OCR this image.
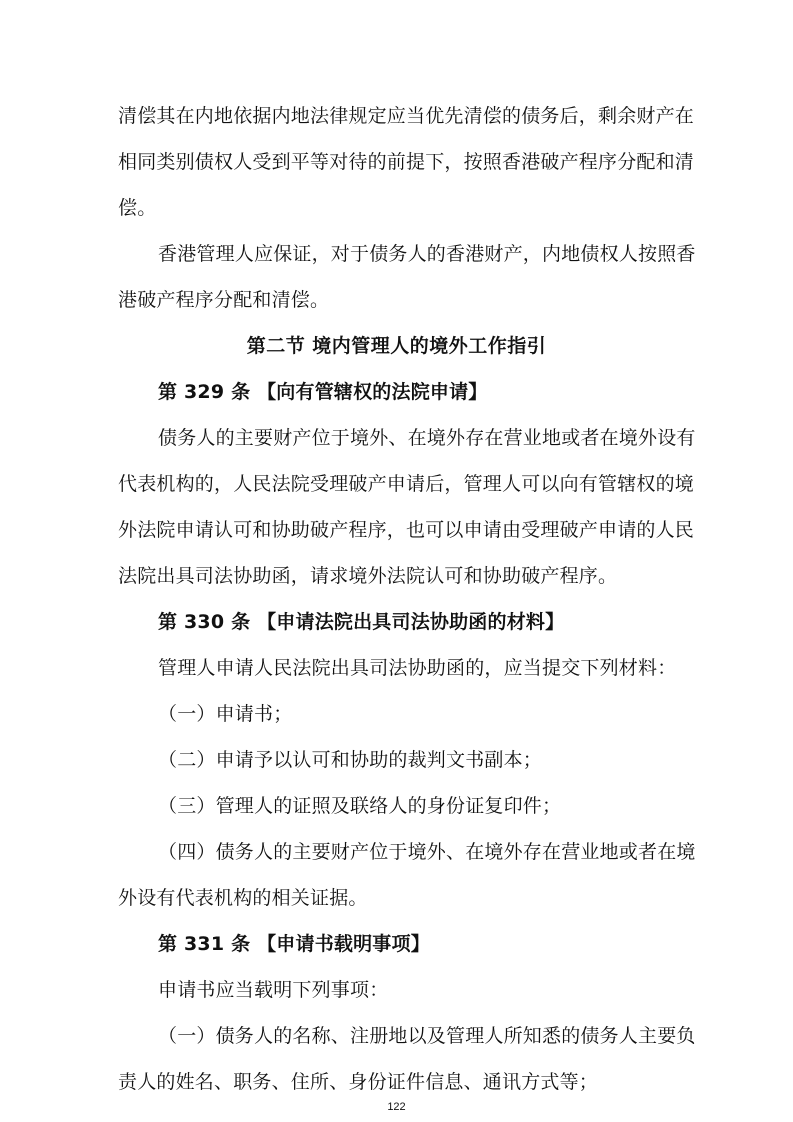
清偿其在内地依据内地法律规定应当优先清偿的债务后，剩余财产在
相同类别债权人受到平等对待的前提下，按照香港破产程序分配和清
偿。
香港管理人应保证，对于债务人的香港财产，内地债权人按照香
港破产程序分配和清偿。
第二节 境内管理人的境外工作指引
第 329 条 【向有管辖权的法院申请】
债务人的主要财产位于境外、在境外存在营业地或者在境外设有
代表机构的，人民法院受理破产申请后，管理人可以向有管辖权的境
外法院申请认可和协助破产程序，也可以申请由受理破产申请的人民
法院出具司法协助函，请求境外法院认可和协助破产程序。
第 330 条 【申请法院出具司法协助函的材料】
管理人申请人民法院出具司法协助函的，应当提交下列材料：
（一）申请书；
（二）申请予以认可和协助的裁判文书副本；
（三）管理人的证照及联络人的身份证复印件；
（四）债务人的主要财产位于境外、在境外存在营业地或者在境
外设有代表机构的相关证据。
第 331 条 【申请书载明事项】
申请书应当载明下列事项：
（一）债务人的名称、注册地以及管理人所知悉的债务人主要负
责人的姓名、职务、住所、身份证件信息、通讯方式等；
122
